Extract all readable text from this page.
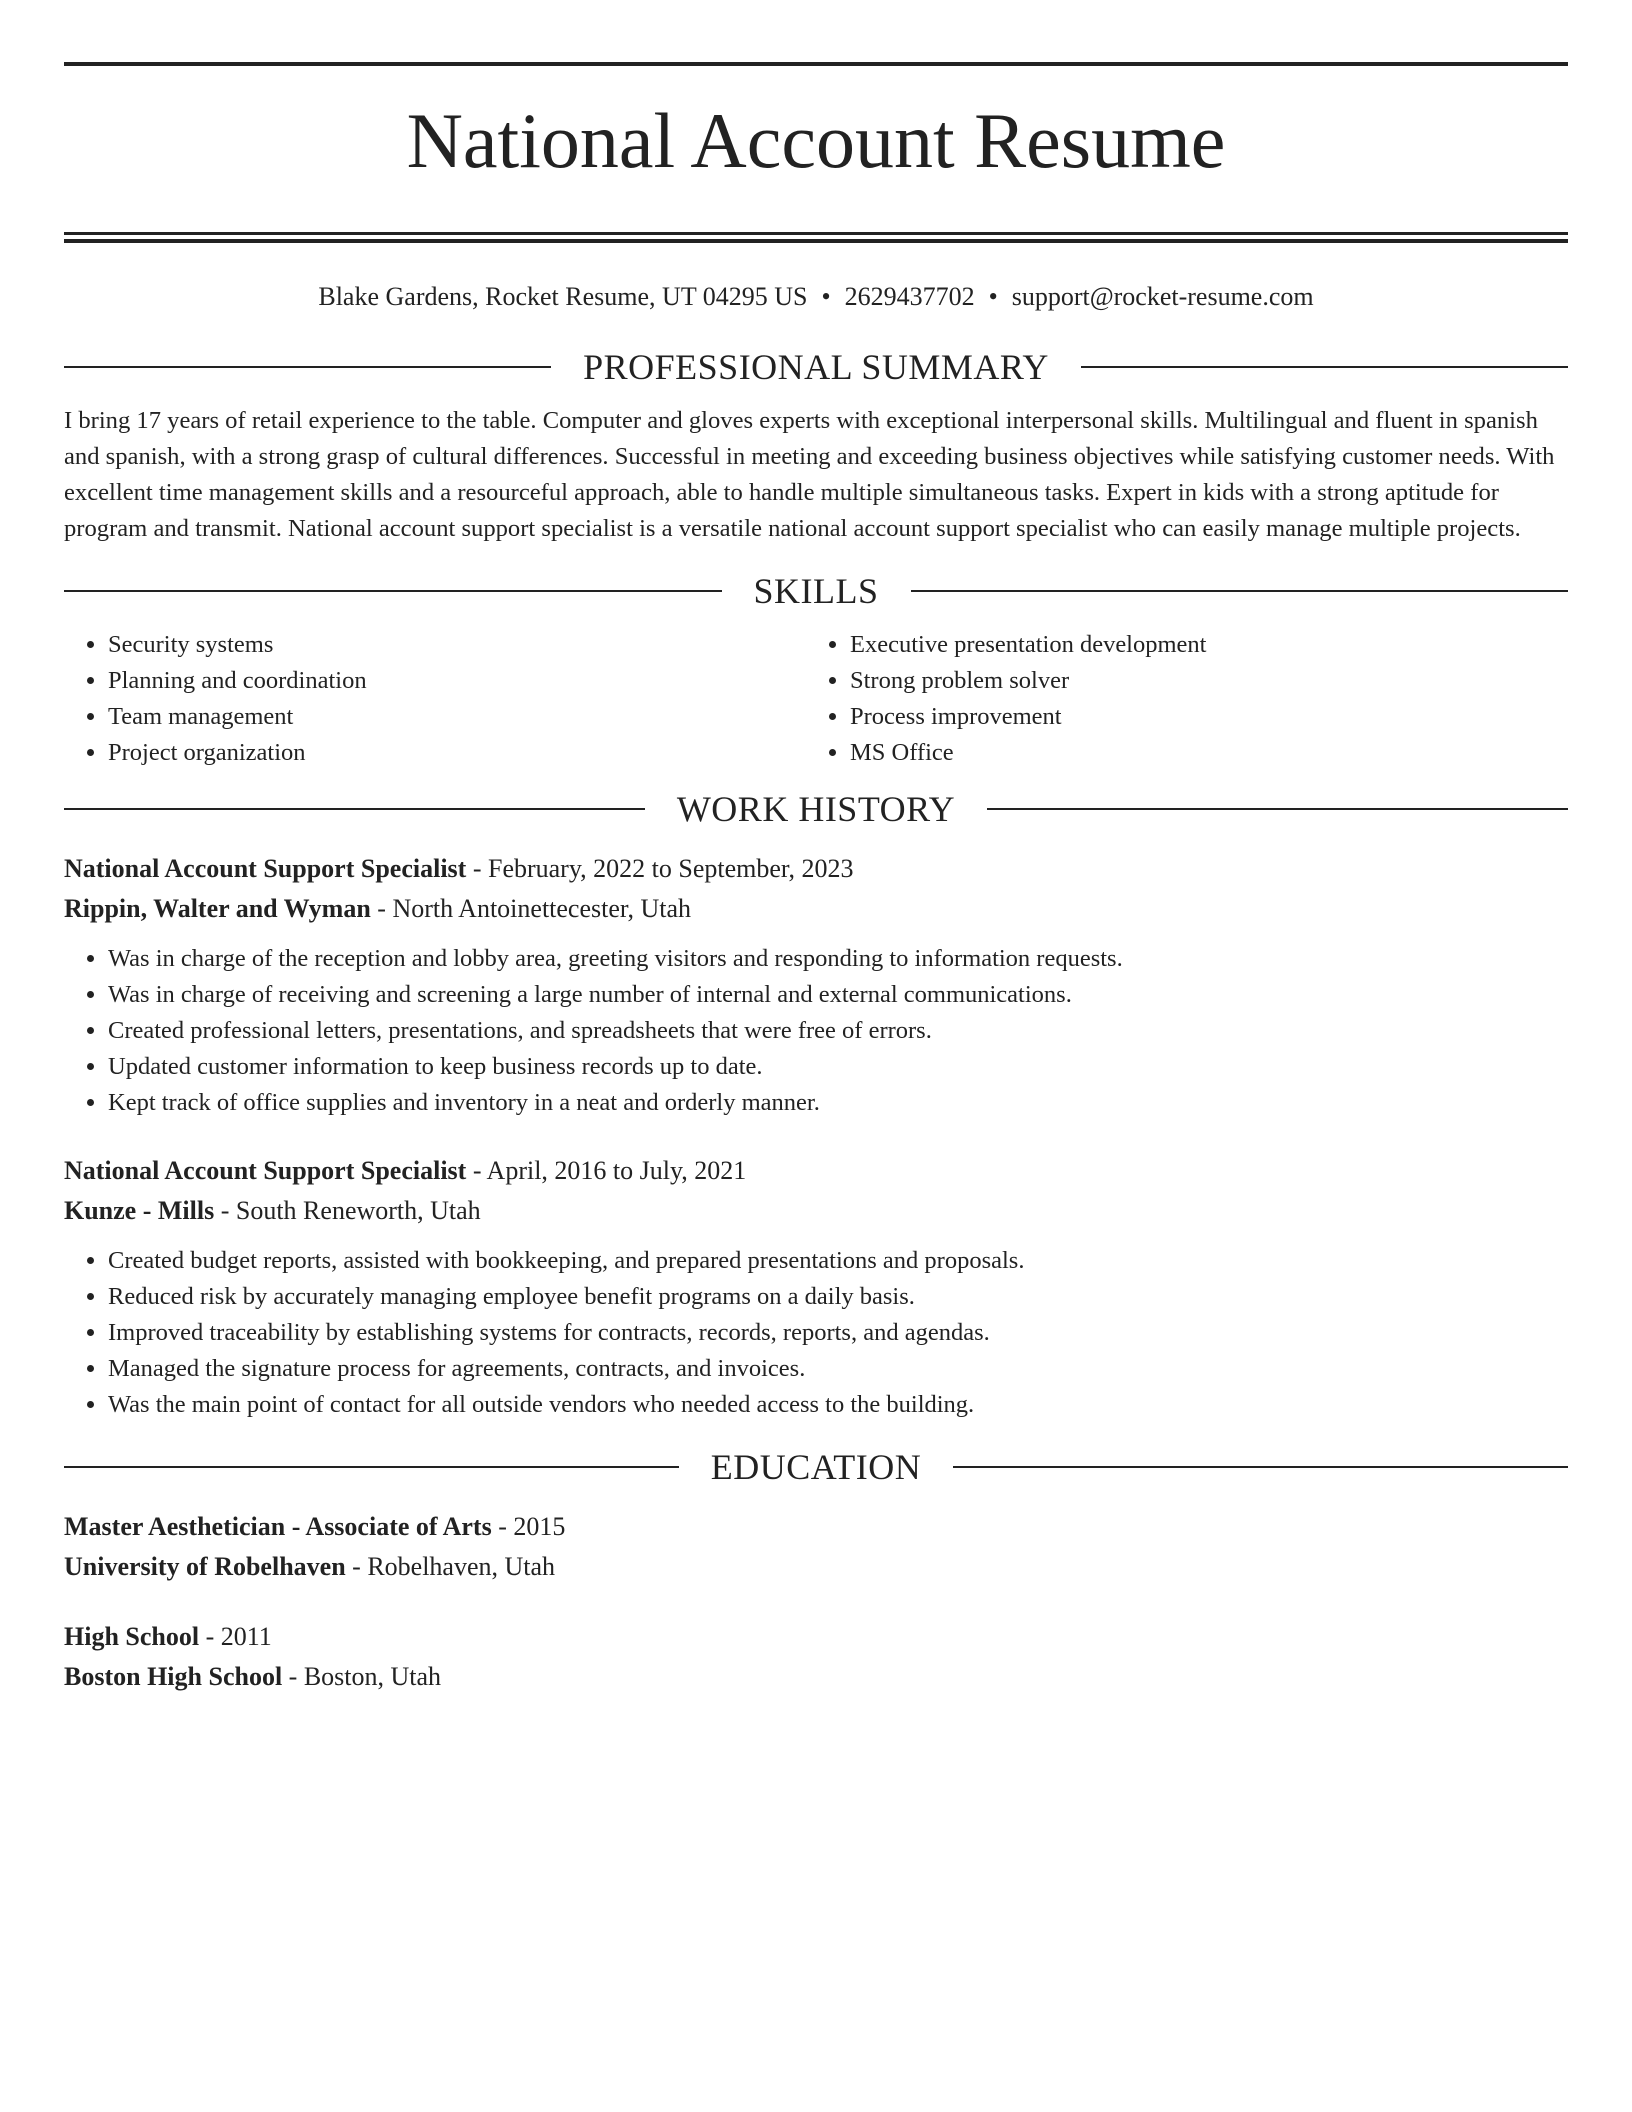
National Account Resume
Blake Gardens, Rocket Resume, UT 04295 US • 2629437702 • support@rocket-resume.com
PROFESSIONAL SUMMARY
I bring 17 years of retail experience to the table. Computer and gloves experts with exceptional interpersonal skills. Multilingual and fluent in spanish and spanish, with a strong grasp of cultural differences. Successful in meeting and exceeding business objectives while satisfying customer needs. With excellent time management skills and a resourceful approach, able to handle multiple simultaneous tasks. Expert in kids with a strong aptitude for program and transmit. National account support specialist is a versatile national account support specialist who can easily manage multiple projects.
SKILLS
• Security systems
• Planning and coordination
• Team management
• Project organization
• Executive presentation development
• Strong problem solver
• Process improvement
• MS Office
WORK HISTORY
National Account Support Specialist - February, 2022 to September, 2023
Rippin, Walter and Wyman - North Antoinettecester, Utah
• Was in charge of the reception and lobby area, greeting visitors and responding to information requests.
• Was in charge of receiving and screening a large number of internal and external communications.
• Created professional letters, presentations, and spreadsheets that were free of errors.
• Updated customer information to keep business records up to date.
• Kept track of office supplies and inventory in a neat and orderly manner.
National Account Support Specialist - April, 2016 to July, 2021
Kunze - Mills - South Reneworth, Utah
• Created budget reports, assisted with bookkeeping, and prepared presentations and proposals.
• Reduced risk by accurately managing employee benefit programs on a daily basis.
• Improved traceability by establishing systems for contracts, records, reports, and agendas.
• Managed the signature process for agreements, contracts, and invoices.
• Was the main point of contact for all outside vendors who needed access to the building.
EDUCATION
Master Aesthetician - Associate of Arts - 2015
University of Robelhaven - Robelhaven, Utah
High School - 2011
Boston High School - Boston, Utah
